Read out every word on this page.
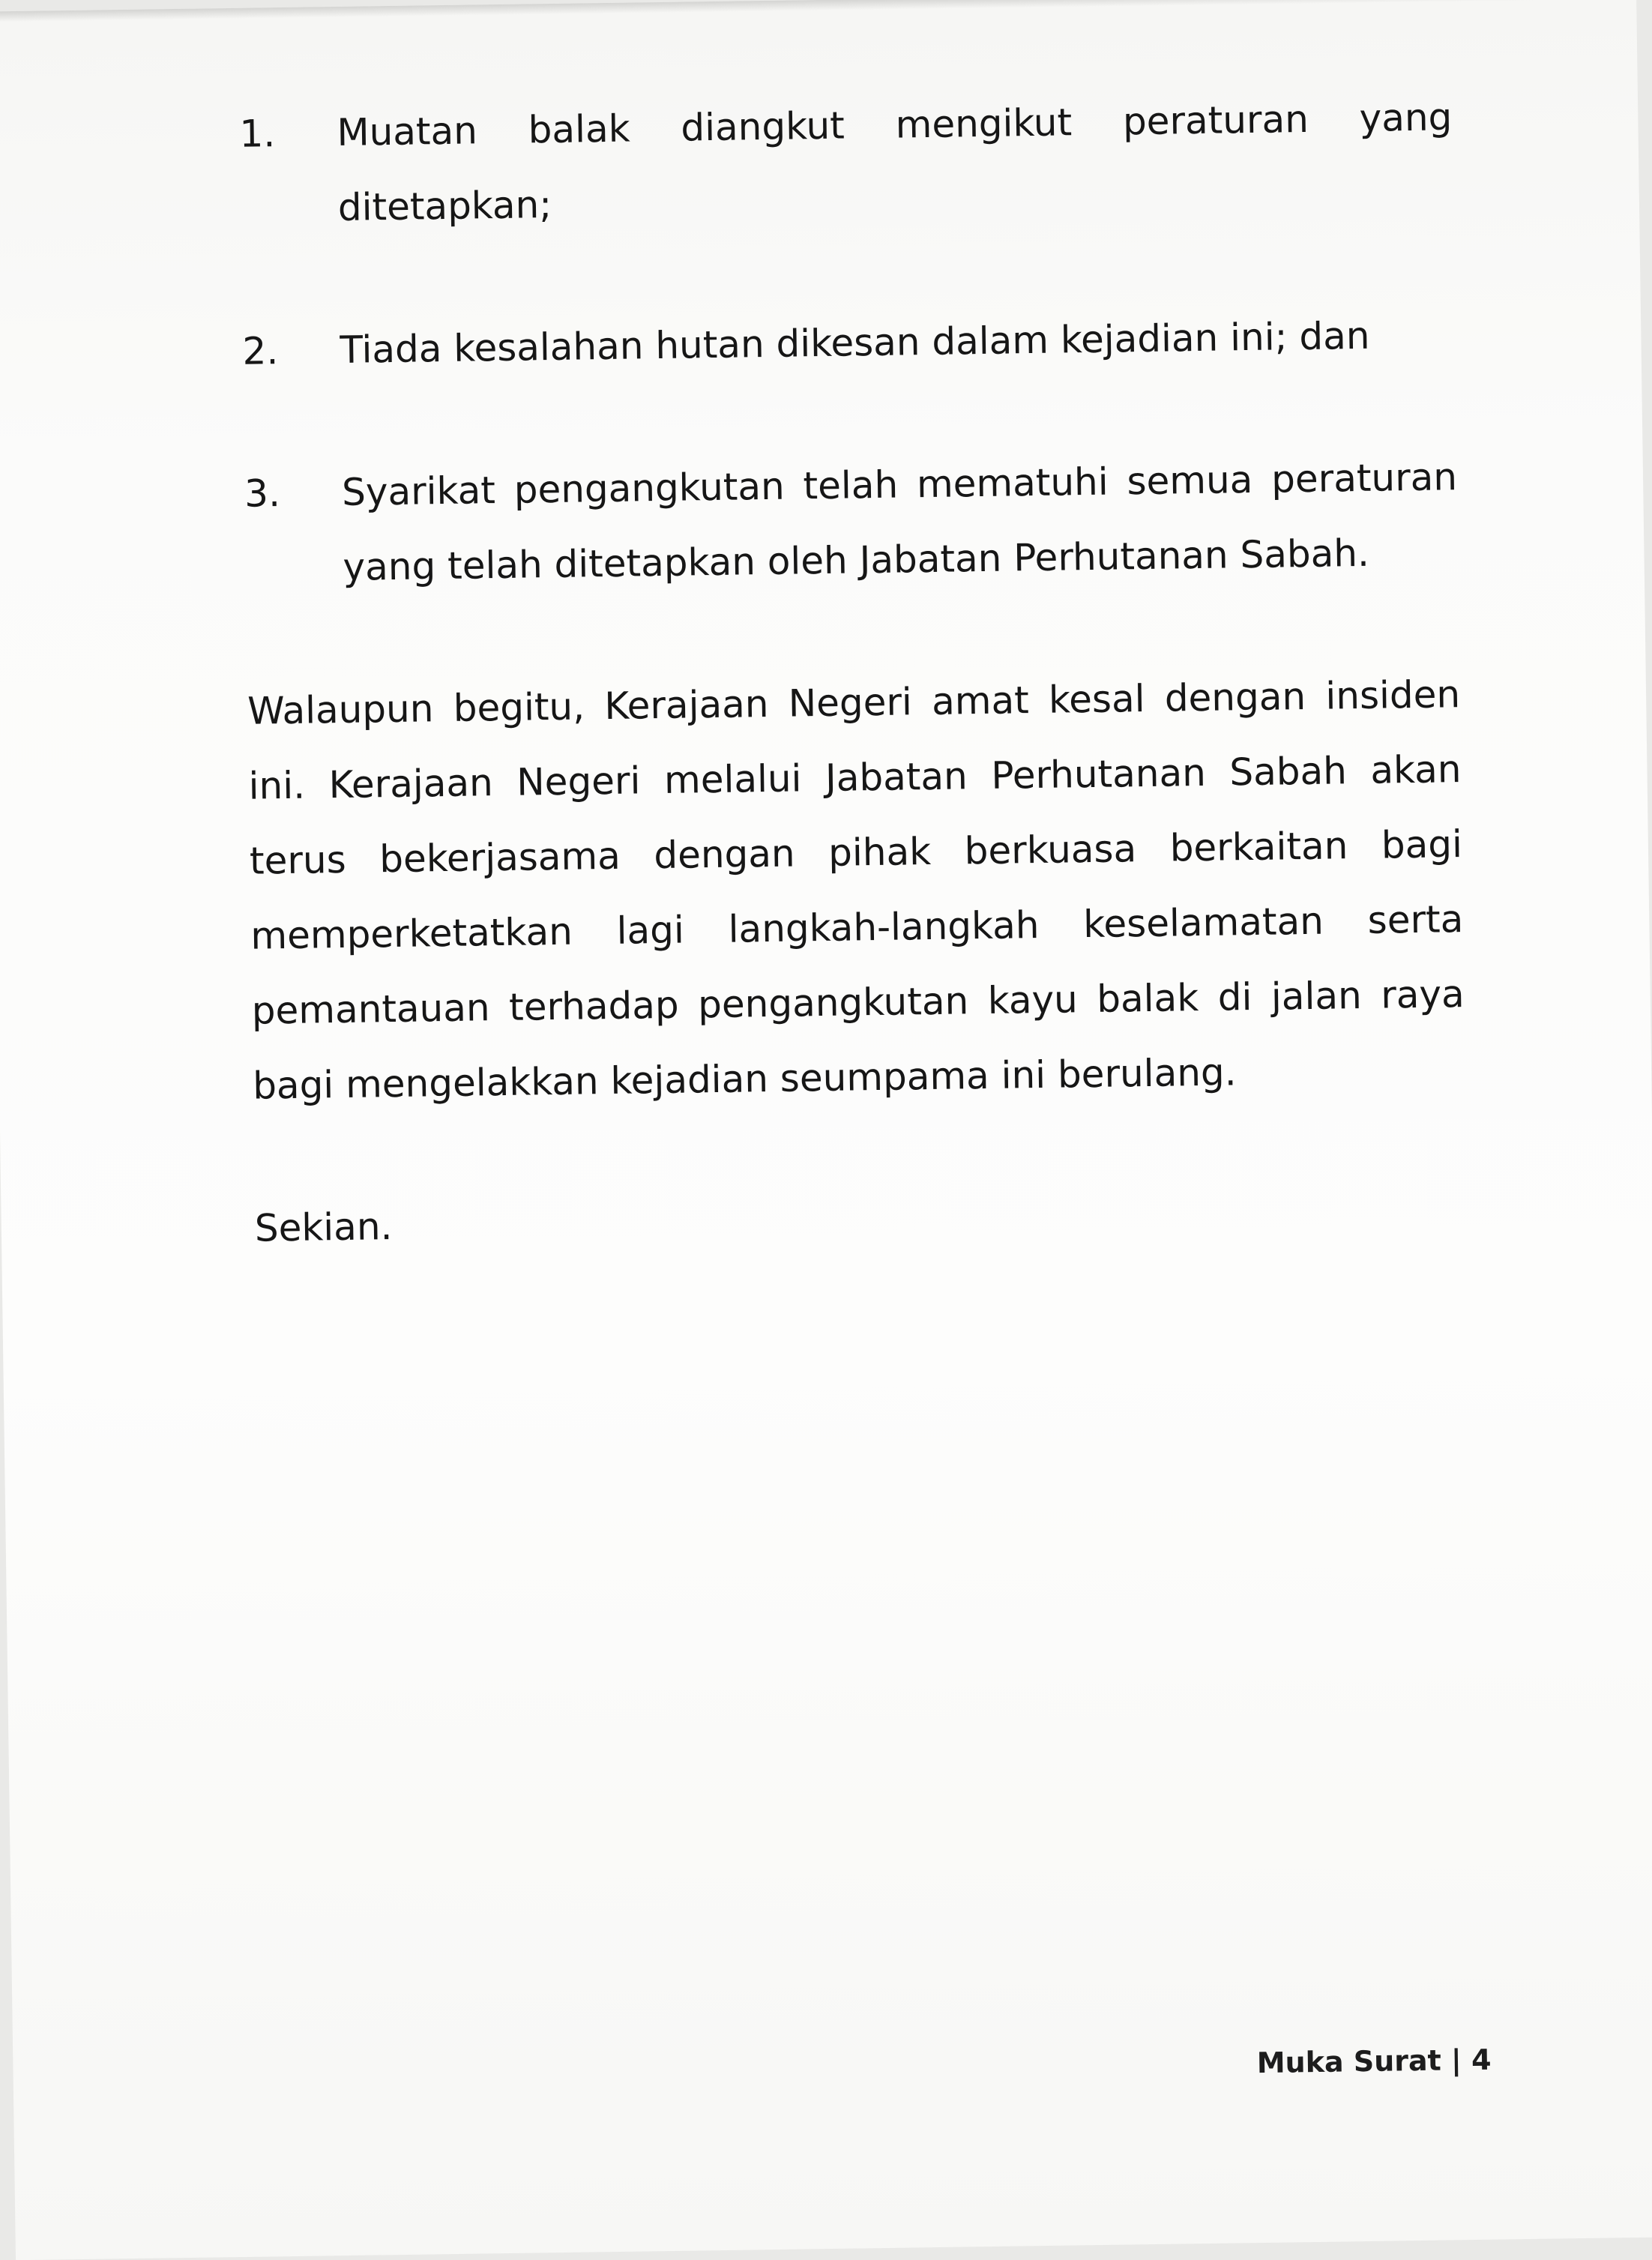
1.	Muatan balak diangkut mengikut peraturan yang ditetapkan;
2.	Tiada kesalahan hutan dikesan dalam kejadian ini; dan
3.	Syarikat pengangkutan telah mematuhi semua peraturan yang telah ditetapkan oleh Jabatan Perhutanan Sabah.
Walaupun begitu, Kerajaan Negeri amat kesal dengan insiden ini. Kerajaan Negeri melalui Jabatan Perhutanan Sabah akan terus bekerjasama dengan pihak berkuasa berkaitan bagi memperketatkan lagi langkah-langkah keselamatan serta pemantauan terhadap pengangkutan kayu balak di jalan raya bagi mengelakkan kejadian seumpama ini berulang.
Sekian.
Muka Surat | 4
